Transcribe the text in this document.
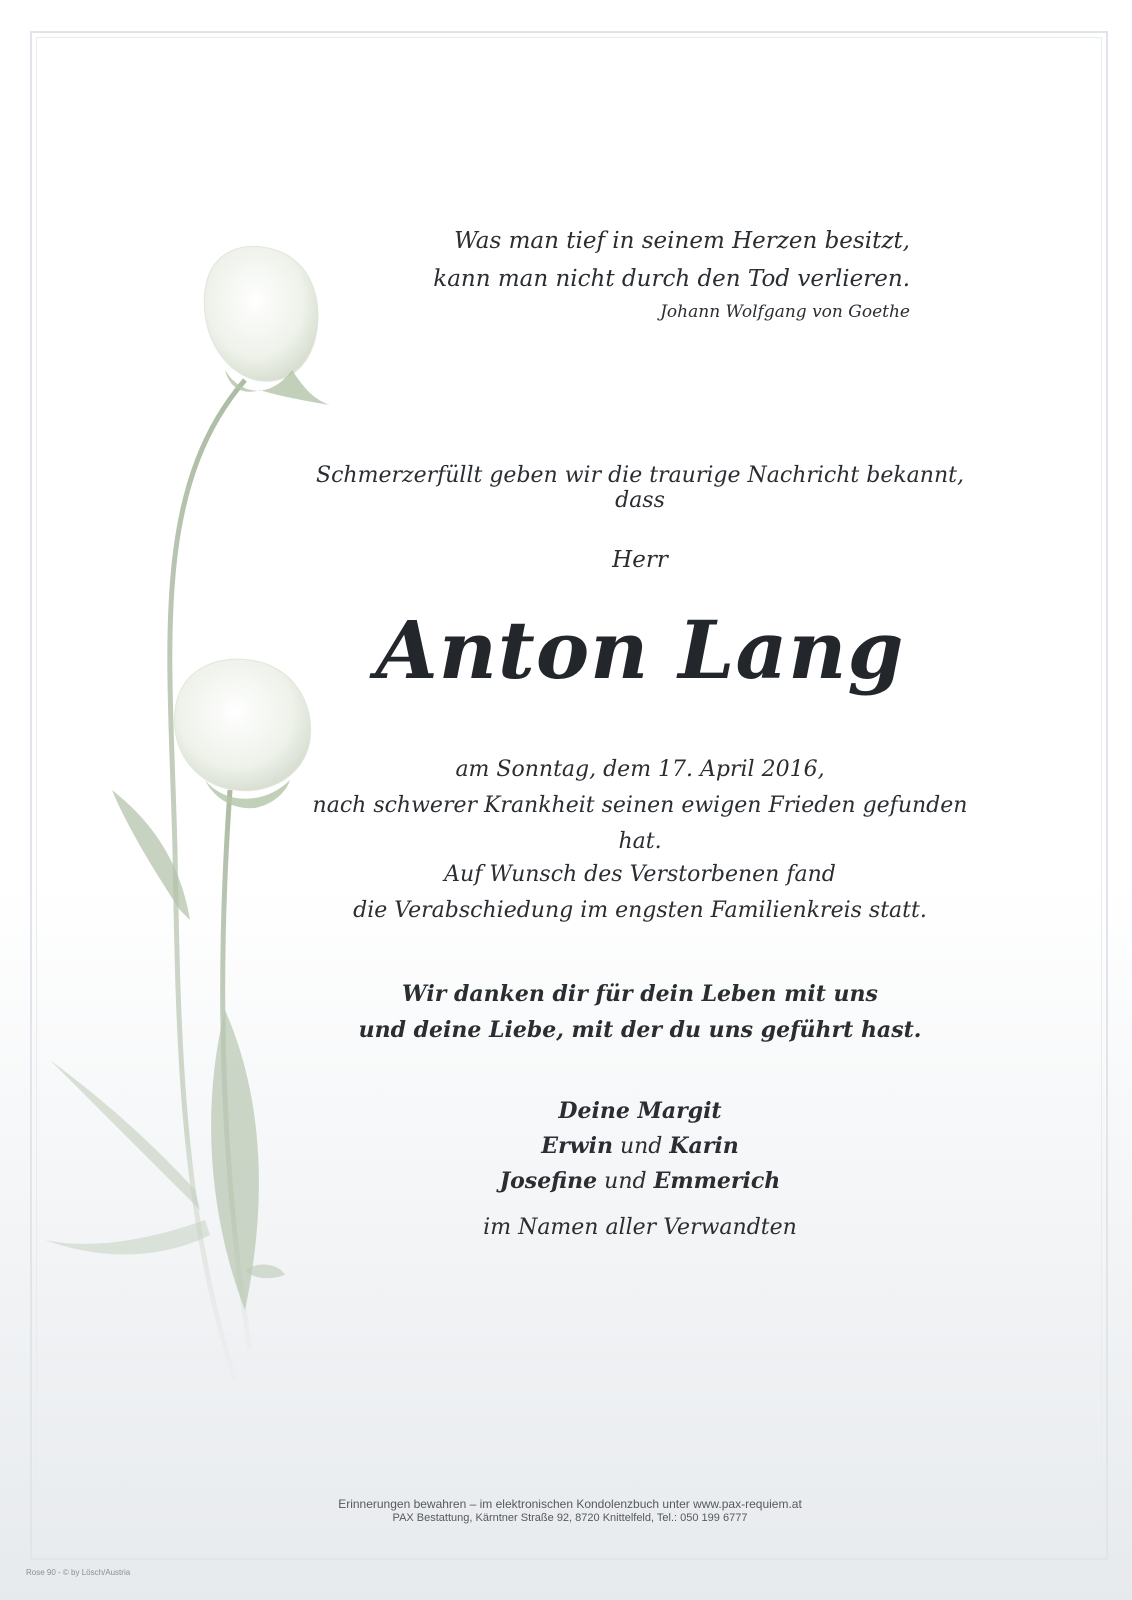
Was man tief in seinem Herzen besitzt,
kann man nicht durch den Tod verlieren.
Johann Wolfgang von Goethe
Schmerzerfüllt geben wir die traurige Nachricht bekannt, dass
Herr
Anton Lang
am Sonntag, dem 17. April 2016,
nach schwerer Krankheit seinen ewigen Frieden gefunden hat.
Auf Wunsch des Verstorbenen fand
die Verabschiedung im engsten Familienkreis statt.
Wir danken dir für dein Leben mit uns
und deine Liebe, mit der du uns geführt hast.
Deine Margit
Erwin und Karin
Josefine und Emmerich
im Namen aller Verwandten
Erinnerungen bewahren – im elektronischen Kondolenzbuch unter www.pax-requiem.at
PAX Bestattung, Kärntner Straße 92, 8720 Knittelfeld, Tel.: 050 199 6777
Rose 90 - © by Lösch/Austria
